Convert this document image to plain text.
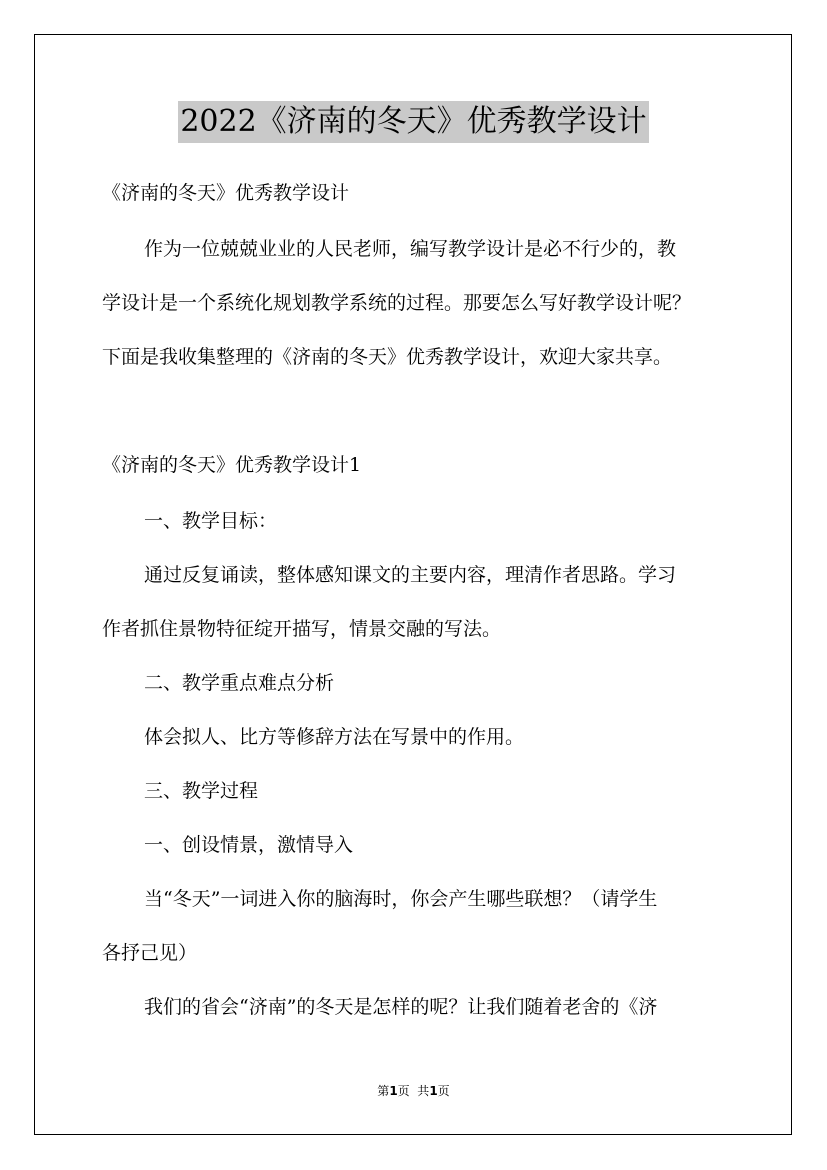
2022《济南的冬天》优秀教学设计
《济南的冬天》优秀教学设计
作为一位兢兢业业的人民老师，编写教学设计是必不行少的，教
学设计是一个系统化规划教学系统的过程。那要怎么写好教学设计呢？
下面是我收集整理的《济南的冬天》优秀教学设计，欢迎大家共享。
《济南的冬天》优秀教学设计1
一、教学目标：
通过反复诵读，整体感知课文的主要内容，理清作者思路。学习
作者抓住景物特征绽开描写，情景交融的写法。
二、教学重点难点分析
体会拟人、比方等修辞方法在写景中的作用。
三、教学过程
一、创设情景，激情导入
当“冬天”一词进入你的脑海时，你会产生哪些联想？（请学生
各抒己见）
我们的省会“济南”的冬天是怎样的呢？让我们随着老舍的《济
第1页  共1页
